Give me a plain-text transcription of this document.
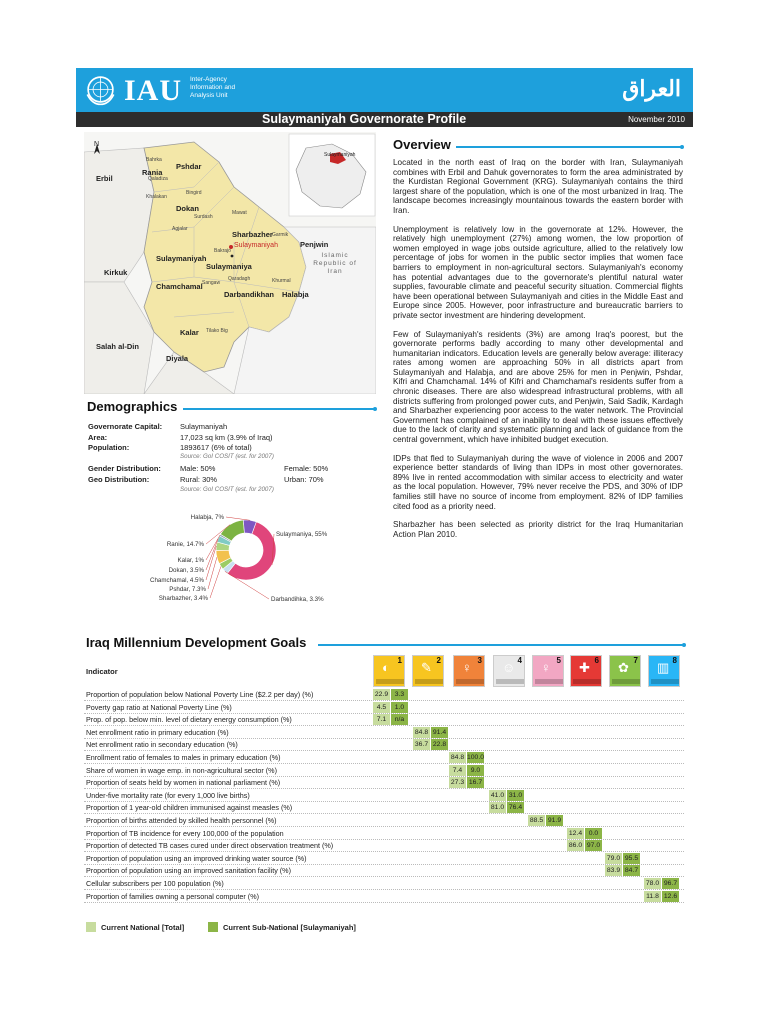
IAU Inter-Agency Information and Analysis Unit	العراق
Sulaymaniyah Governorate Profile	November 2010
N
Sulaymaniyah
Erbil
Bahrka
Rania
Pshdar
Qaladiza
Khalakan
Bingird
Dokan
Surdash
Mawat
Agjalar
Sharbazher Garmik
Penjwin
Bakrajo
Sulaymaniyah
Sulaymaniyah
Sulaymaniya
Kirkuk
Islamic Republic of Iran
Sangaw
Qaradagh	Khurmal
Chamchamal
Darbandikhan Halabja
Kalar Tilako Big
Salah al-Din
Diyala
Overview

Located in the north east of Iraq on the border with Iran, Sulaymaniyah combines with Erbil and Dahuk governorates to form the area administrated by the Kurdistan Regional Government (KRG). Sulaymaniyah contains the third largest share of the population, which is one of the most urbanized in Iraq. The landscape becomes increasingly mountainous towards the eastern border with Iran.

Unemployment is relatively low in the governorate at 12%. However, the relatively high unemployment (27%) among women, the low proportion of women employed in wage jobs outside agriculture, allied to the relatively low percentage of jobs for women in the public sector implies that women face barriers to employment in non-agricultural sectors. Sulaymaniyah's economy has potential advantages due to the governorate's plentiful natural water supplies, favourable climate and peaceful security situation. Commercial flights have been operational between Sulaymaniyah and cities in the Middle East and Europe since 2005. However, poor infrastructure and bureaucratic barriers to private sector investment are hindering development.

Few of Sulaymaniyah's residents (3%) are among Iraq's poorest, but the governorate performs badly according to many other developmental and humanitarian indicators. Education levels are generally below average: illiteracy rates among women are approaching 50% in all districts apart from Sulaymaniyah and Halabja, and are above 25% for men in Penjwin, Pshdar, Kifri and Chamchamal. 14% of Kifri and Chamchamal's residents suffer from a chronic diseases. There are also widespread infrastructural problems, with all districts suffering from prolonged power cuts, and Penjwin, Said Sadik, Kardagh and Sharbazher experiencing poor access to the water network. The Provincial Government has complained of an inability to deal with these issues effectively due to the lack of clarity and systematic planning and lack of guidance from the central government, which have inhibited budget execution.

IDPs that fled to Sulaymaniyah during the wave of violence in 2006 and 2007 experience better standards of living than IDPs in most other governorates. 89% live in rented accommodation with similar access to electricity and water as the local population. However, 79% never receive the PDS, and 30% of IDP families still have no source of income from employment. 82% of IDP families cited food as a priority need.

Sharbazher has been selected as priority district for the Iraq Humanitarian Action Plan 2010.

Demographics
Governorate Capital: Sulaymaniyah
Area:	17,023 sq km (3.9% of Iraq)
Population:	1893617 (6% of total)
Source: GoI COSIT (est. for 2007)
Gender Distribution:	Male: 50%	Female: 50%
Geo Distribution:	Rural: 30%	Urban: 70%
Source: GoI COSIT (est. for 2007)
Sulaymaniya, 55%
Darbandihka, 3.3%
Sharbazher, 3.4%
Pshdar, 7.3%
Chamchamal, 4.5%
Dokan, 3.5%
Kalar, 1%
Ranie, 14.7%
Halabja, 7%
Iraq Millennium Development Goals
Indicator	◐ 1 ✎ 2 ♀ 3 ☺ 4 ♀ 5 ✚ 6 ✿ 7 ▥ 8
Proportion of population below National Poverty Line ($2.2 per day) (%)	22.9 3.3
Poverty gap ratio at National Poverty Line (%)	4.5	1.0
Prop. of pop. below min. level of dietary energy consumption (%)	7.1	n/a
Net enrollment ratio in primary education (%)	84.8 91.4
Net enrollment ratio in secondary education (%)	36.7 22.8
Enrollment ratio of females to males in primary education (%)	84.8 100.0
Share of women in wage emp. in non-agricultural sector (%)	7.4	9.0
Proportion of seats held by women in national parliament (%)	27.3 16.7
Under-five mortality rate (for every 1,000 live births)	41.0 31.0
Proportion of 1 year-old children immunised against measles (%)	81.0 76.4
Proportion of births attended by skilled health personnel (%)	88.5 91.9
Proportion of TB incidence for every 100,000 of the population	12.4 0.0
Proportion of detected TB cases cured under direct observation treatment (%)	86.0 97.0
Proportion of population using an improved drinking water source (%)	79.0 95.5
Proportion of population using an improved sanitation facility (%)	83.9 84.7
Cellular subscribers per 100 population (%)	78.0 96.7
Proportion of families owning a personal computer (%)	11.8 12.6
Current National [Total]	Current Sub-National [Sulaymaniyah]
